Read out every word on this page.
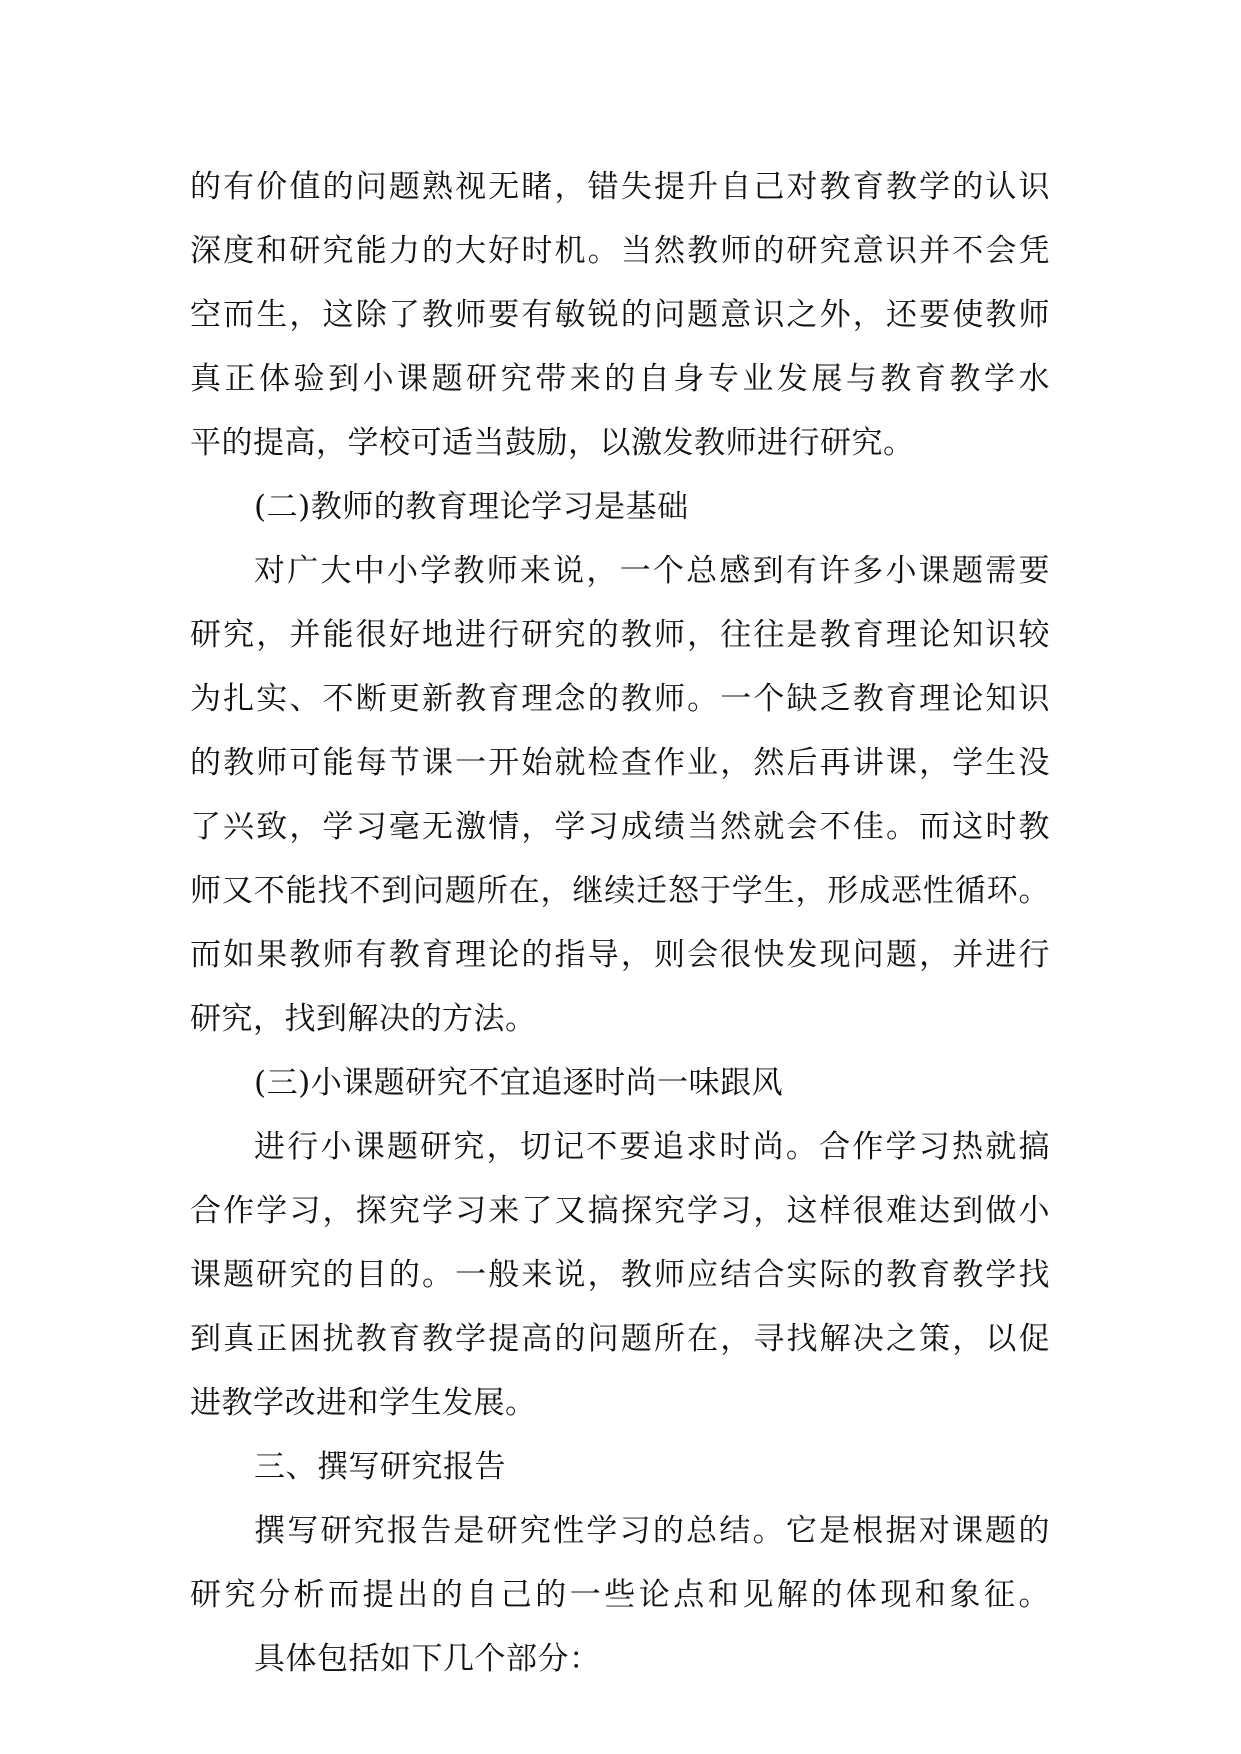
的有价值的问题熟视无睹，错失提升自己对教育教学的认识
深度和研究能力的大好时机。当然教师的研究意识并不会凭
空而生，这除了教师要有敏锐的问题意识之外，还要使教师
真正体验到小课题研究带来的自身专业发展与教育教学水
平的提高，学校可适当鼓励，以激发教师进行研究。
(二)教师的教育理论学习是基础
对广大中小学教师来说，一个总感到有许多小课题需要
研究，并能很好地进行研究的教师，往往是教育理论知识较
为扎实、不断更新教育理念的教师。一个缺乏教育理论知识
的教师可能每节课一开始就检查作业，然后再讲课，学生没
了兴致，学习毫无激情，学习成绩当然就会不佳。而这时教
师又不能找不到问题所在，继续迁怒于学生，形成恶性循环。
而如果教师有教育理论的指导，则会很快发现问题，并进行
研究，找到解决的方法。
(三)小课题研究不宜追逐时尚一味跟风
进行小课题研究，切记不要追求时尚。合作学习热就搞
合作学习，探究学习来了又搞探究学习，这样很难达到做小
课题研究的目的。一般来说，教师应结合实际的教育教学找
到真正困扰教育教学提高的问题所在，寻找解决之策，以促
进教学改进和学生发展。
三、撰写研究报告
撰写研究报告是研究性学习的总结。它是根据对课题的
研究分析而提出的自己的一些论点和见解的体现和象征。
具体包括如下几个部分：
